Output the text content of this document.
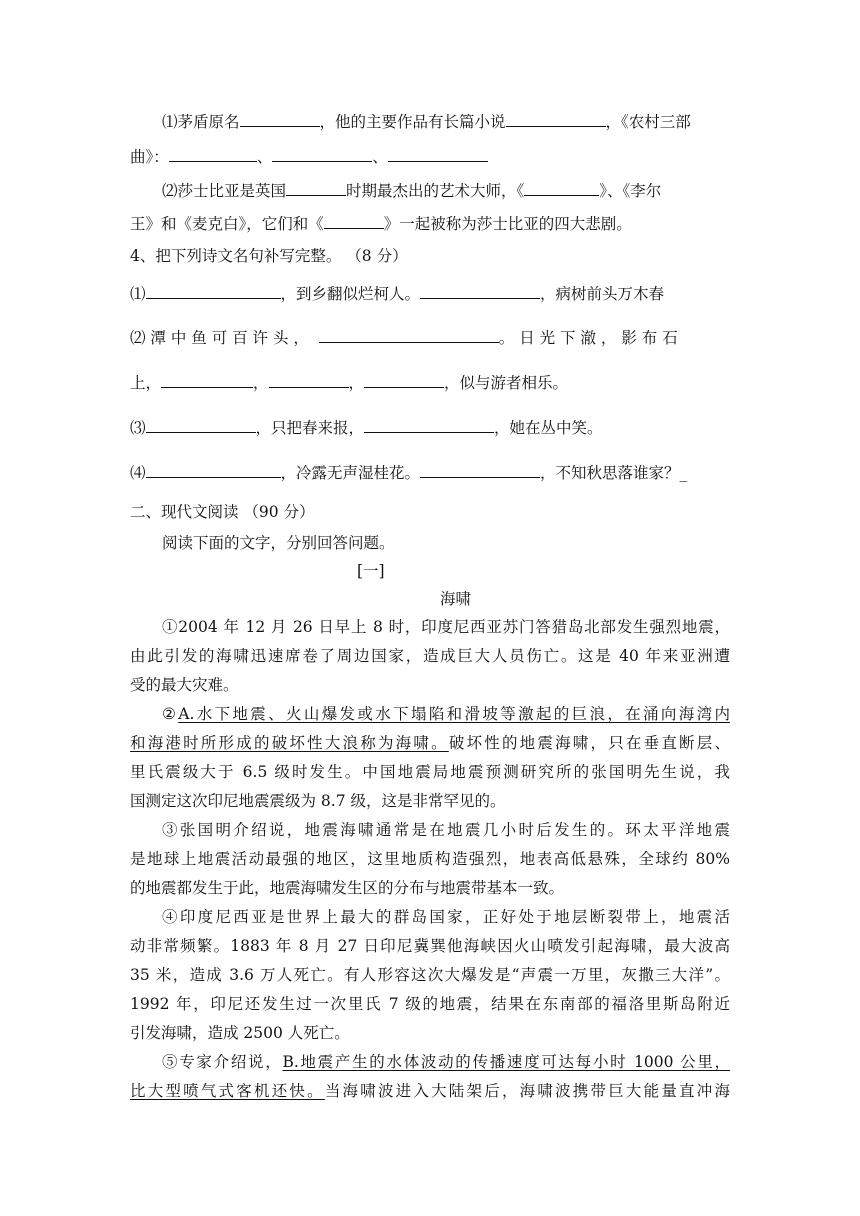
⑴茅盾原名	，他的主要作品有长篇小说	，《农村三部
曲》：	、	、
⑵莎士比亚是英国	时期最杰出的艺术大师，《	》、《李尔
王》和《麦克白》，它们和《	》一起被称为莎士比亚的四大悲剧。
4、把下列诗文名句补写完整。 （8 分）
⑴	，到乡翻似烂柯人。	，病树前头万木春
⑵ 潭 中 鱼 可 百 许 头 ，	。 日 光 下 澈 ， 影 布 石
上，	，	，	，似与游者相乐。
⑶	，只把春来报，	，她在丛中笑。
⑷	，冷露无声湿桂花。	，不知秋思落谁家？_
二、现代文阅读 （90 分）
阅读下面的文字，分别回答问题。
[一]
海啸
①2004 年 12 月 26 日早上 8 时，印度尼西亚苏门答猎岛北部发生强烈地震，
由此引发的海啸迅速席卷了周边国家，造成巨大人员伤亡。这是 40 年来亚洲遭
受的最大灾难。
②A.水下地震、火山爆发或水下塌陷和滑坡等激起的巨浪，在涌向海湾内
和海港时所形成的破坏性大浪称为海啸。破坏性的地震海啸，只在垂直断层、
里氏震级大于 6.5 级时发生。中国地震局地震预测研究所的张国明先生说，我
国测定这次印尼地震震级为 8.7 级，这是非常罕见的。
③张国明介绍说，地震海啸通常是在地震几小时后发生的。环太平洋地震
是地球上地震活动最强的地区，这里地质构造强烈，地表高低悬殊，全球约 80%
的地震都发生于此，地震海啸发生区的分布与地震带基本一致。
④印度尼西亚是世界上最大的群岛国家，正好处于地层断裂带上，地震活
动非常频繁。1883 年 8 月 27 日印尼冀巽他海峡因火山喷发引起海啸，最大波高
35 米，造成 3.6 万人死亡。有人形容这次大爆发是“声震一万里，灰撒三大洋”。
1992 年，印尼还发生过一次里氏 7 级的地震，结果在东南部的福洛里斯岛附近
引发海啸，造成 2500 人死亡。
⑤专家介绍说，B.地震产生的水体波动的传播速度可达每小时 1000 公里，
比大型喷气式客机还快。当海啸波进入大陆架后，海啸波携带巨大能量直冲海
